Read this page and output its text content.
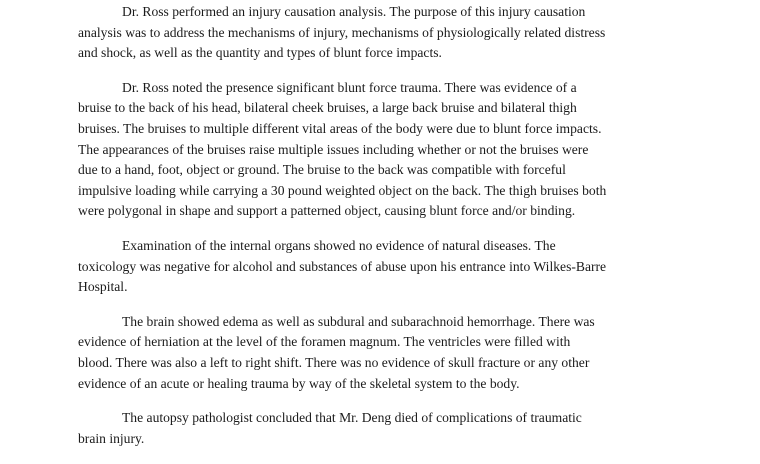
Dr. Ross performed an injury causation analysis. The purpose of this injury causation
analysis was to address the mechanisms of injury, mechanisms of physiologically related distress
and shock, as well as the quantity and types of blunt force impacts.

Dr. Ross noted the presence significant blunt force trauma. There was evidence of a
bruise to the back of his head, bilateral cheek bruises, a large back bruise and bilateral thigh
bruises. The bruises to multiple different vital areas of the body were due to blunt force impacts.
The appearances of the bruises raise multiple issues including whether or not the bruises were
due to a hand, foot, object or ground. The bruise to the back was compatible with forceful
impulsive loading while carrying a 30 pound weighted object on the back. The thigh bruises both
were polygonal in shape and support a patterned object, causing blunt force and/or binding.

Examination of the internal organs showed no evidence of natural diseases. The
toxicology was negative for alcohol and substances of abuse upon his entrance into Wilkes-Barre
Hospital.

The brain showed edema as well as subdural and subarachnoid hemorrhage. There was
evidence of herniation at the level of the foramen magnum. The ventricles were filled with
blood. There was also a left to right shift. There was no evidence of skull fracture or any other
evidence of an acute or healing trauma by way of the skeletal system to the body.

The autopsy pathologist concluded that Mr. Deng died of complications of traumatic
brain injury.
